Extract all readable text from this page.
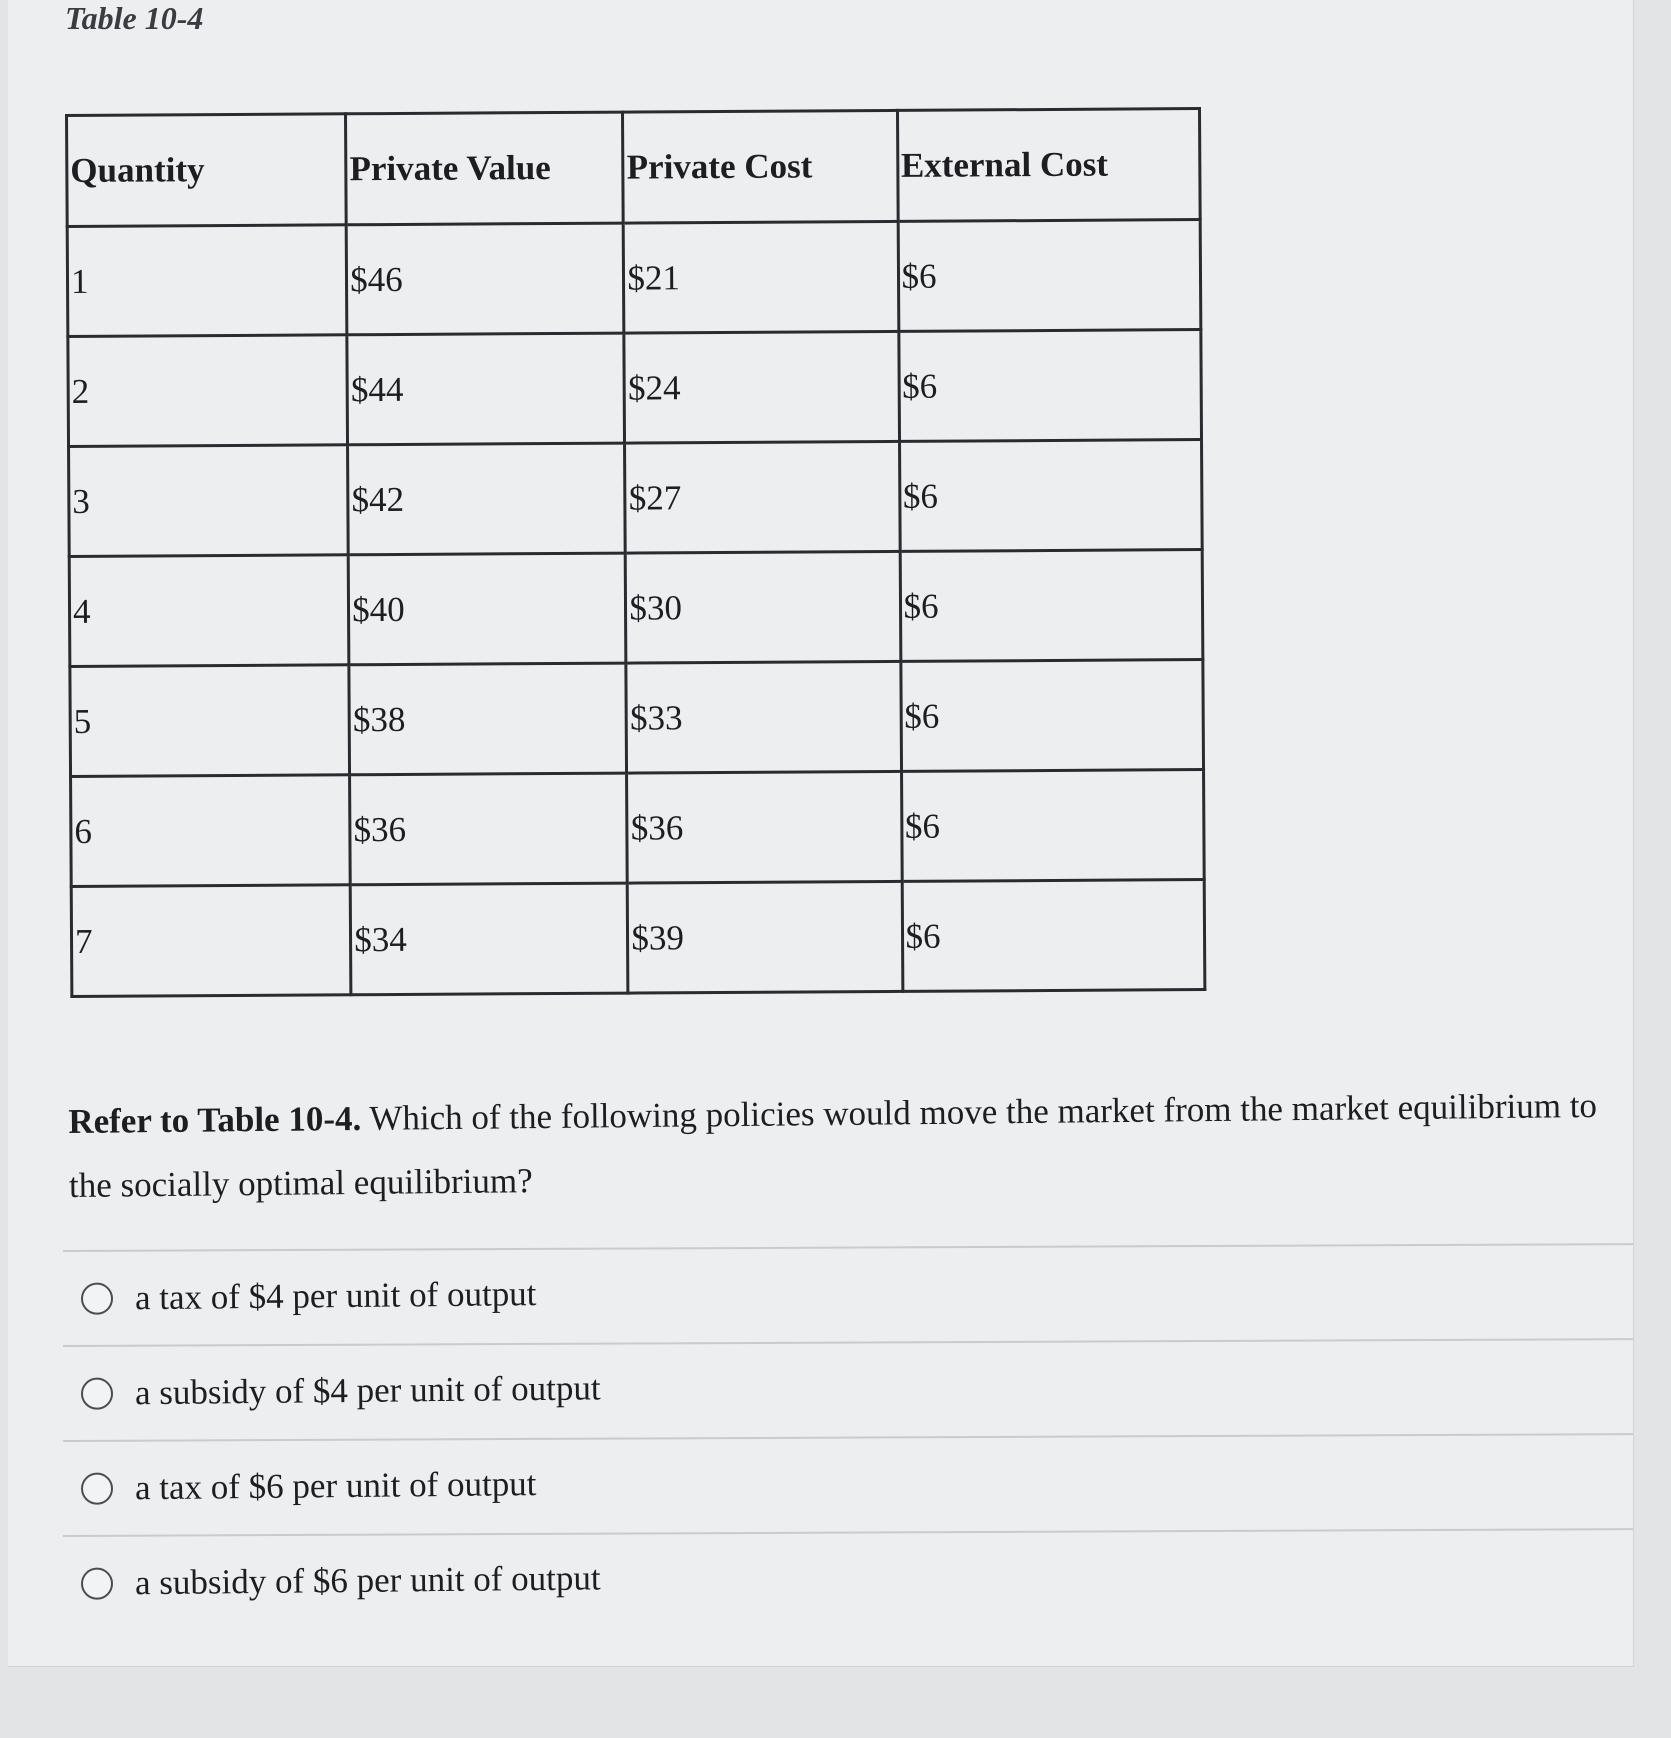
Table 10-4
Quantity	Private Value	Private Cost	External Cost
1	$46	$21	$6
2	$44	$24	$6
3	$42	$27	$6
4	$40	$30	$6
5	$38	$33	$6
6	$36	$36	$6
7	$34	$39	$6
Refer to Table 10-4. Which of the following policies would move the market from the market equilibrium to the socially optimal equilibrium?
a tax of $4 per unit of output
a subsidy of $4 per unit of output
a tax of $6 per unit of output
a subsidy of $6 per unit of output
